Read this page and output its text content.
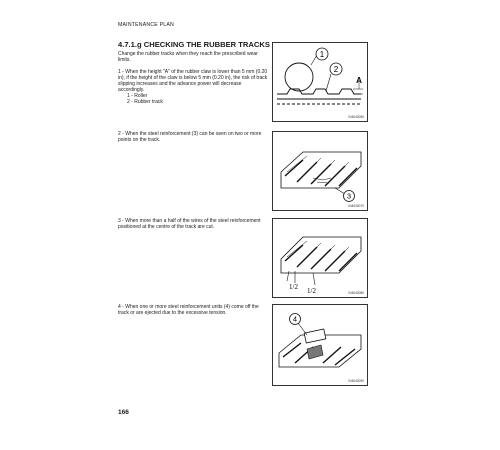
MAINTENANCE PLAN
4.7.1.g CHECKING THE RUBBER TRACKS
Change the rubber tracks when they reach the prescribed wear limits.

1 - When the height "A" of the rubber claw is lower than 5 mm (0.20 in), if the height of the claw is below 5 mm (0.20 in), the risk of track slipping increases and the advance power will decrease accordingly.

1 - Roller

2 - Rubber track

2 - When the steel reinforcement (3) can be seen on two or more points on the track.

3 - When more than a half of the wires of the steel reinforcement positioned at the centre of the track are cut.

4 - When one or more steel reinforcement units (4) come off the track or are ejected due to the excessive tension.

1
2
A
IN4040050
3
IN4040070
1/2 1/2	IN4040080
4
IN4040090
166
